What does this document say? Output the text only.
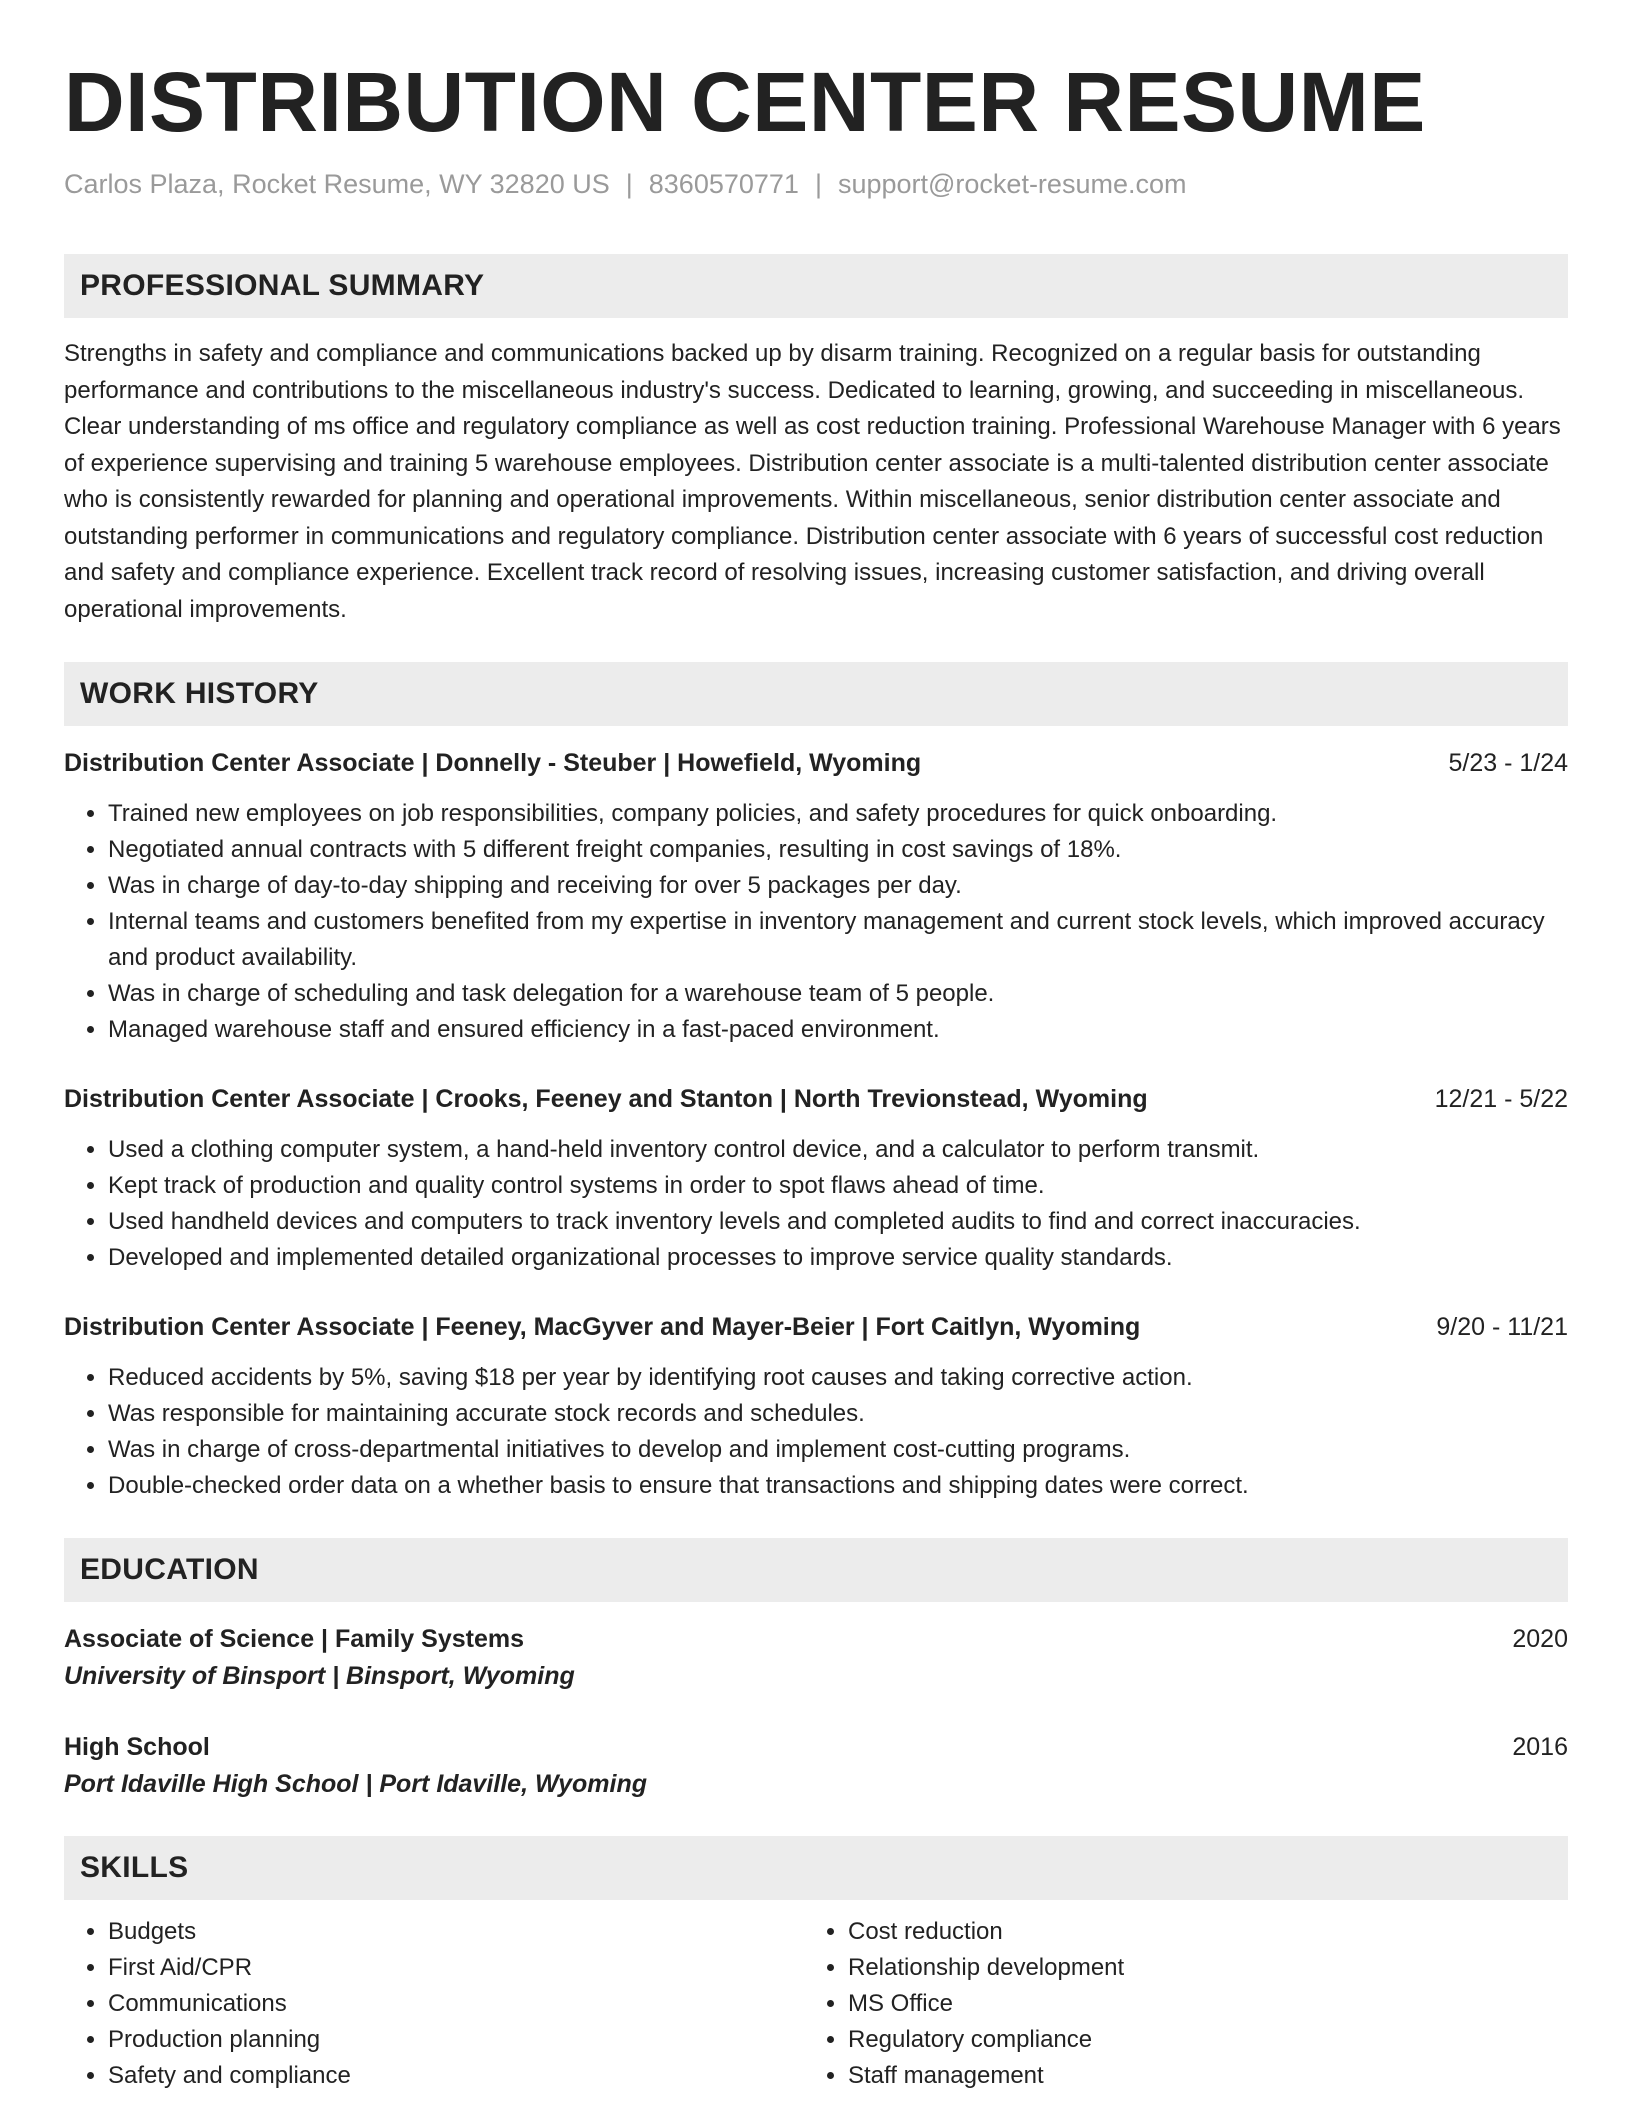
DISTRIBUTION CENTER RESUME
Carlos Plaza, Rocket Resume, WY 32820 US | 8360570771 | support@rocket-resume.com
PROFESSIONAL SUMMARY
Strengths in safety and compliance and communications backed up by disarm training. Recognized on a regular basis for outstanding performance and contributions to the miscellaneous industry's success. Dedicated to learning, growing, and succeeding in miscellaneous. Clear understanding of ms office and regulatory compliance as well as cost reduction training. Professional Warehouse Manager with 6 years of experience supervising and training 5 warehouse employees. Distribution center associate is a multi-talented distribution center associate who is consistently rewarded for planning and operational improvements. Within miscellaneous, senior distribution center associate and outstanding performer in communications and regulatory compliance. Distribution center associate with 6 years of successful cost reduction and safety and compliance experience. Excellent track record of resolving issues, increasing customer satisfaction, and driving overall operational improvements.
WORK HISTORY
Distribution Center Associate | Donnelly - Steuber | Howefield, Wyoming	5/23 - 1/24
• Trained new employees on job responsibilities, company policies, and safety procedures for quick onboarding.
• Negotiated annual contracts with 5 different freight companies, resulting in cost savings of 18%.
• Was in charge of day-to-day shipping and receiving for over 5 packages per day.
• Internal teams and customers benefited from my expertise in inventory management and current stock levels, which improved accuracy and product availability.
• Was in charge of scheduling and task delegation for a warehouse team of 5 people.
• Managed warehouse staff and ensured efficiency in a fast-paced environment.
Distribution Center Associate | Crooks, Feeney and Stanton | North Trevionstead, Wyoming	12/21 - 5/22
• Used a clothing computer system, a hand-held inventory control device, and a calculator to perform transmit.
• Kept track of production and quality control systems in order to spot flaws ahead of time.
• Used handheld devices and computers to track inventory levels and completed audits to find and correct inaccuracies.
• Developed and implemented detailed organizational processes to improve service quality standards.
Distribution Center Associate | Feeney, MacGyver and Mayer-Beier | Fort Caitlyn, Wyoming	9/20 - 11/21
• Reduced accidents by 5%, saving $18 per year by identifying root causes and taking corrective action.
• Was responsible for maintaining accurate stock records and schedules.
• Was in charge of cross-departmental initiatives to develop and implement cost-cutting programs.
• Double-checked order data on a whether basis to ensure that transactions and shipping dates were correct.
EDUCATION
Associate of Science | Family Systems	2020
University of Binsport | Binsport, Wyoming
High School	2016
Port Idaville High School | Port Idaville, Wyoming
SKILLS
• Budgets
• First Aid/CPR
• Communications
• Production planning
• Safety and compliance
• Cost reduction
• Relationship development
• MS Office
• Regulatory compliance
• Staff management
